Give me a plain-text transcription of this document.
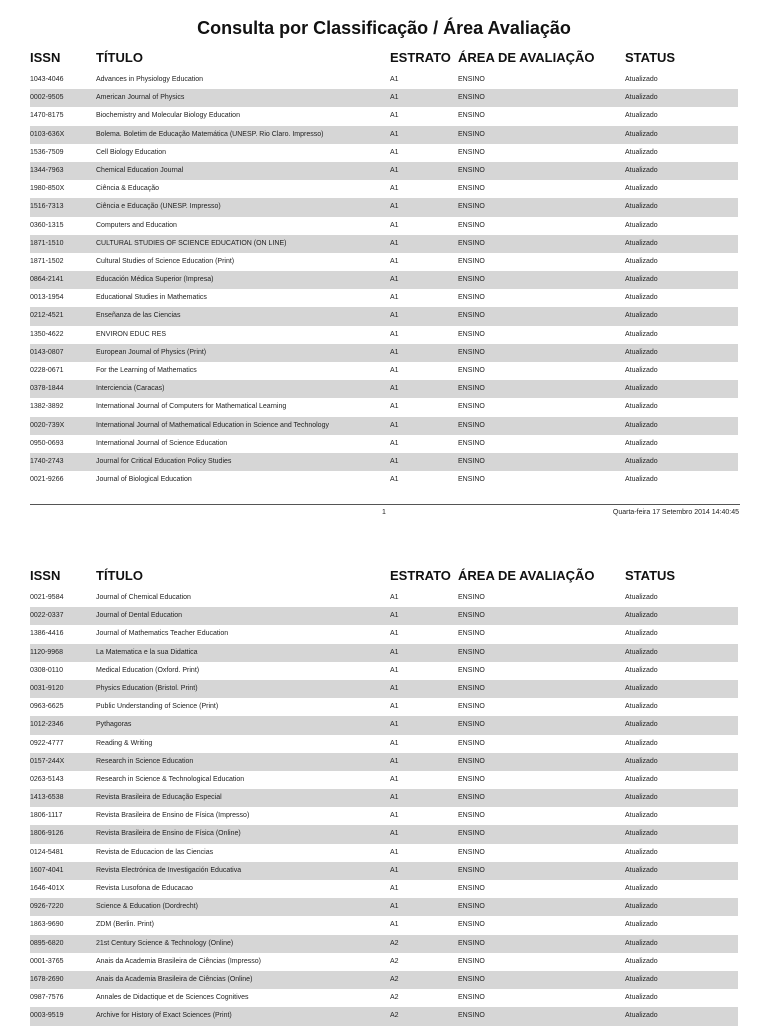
Consulta por Classificação / Área Avaliação
ISSN	TÍTULO	ESTRATO ÁREA DE AVALIAÇÃO STATUS
1043-4046	Advances in Physiology Education	A1	ENSINO	Atualizado
0002-9505	American Journal of Physics	A1	ENSINO	Atualizado
1470-8175	Biochemistry and Molecular Biology Education	A1	ENSINO	Atualizado
0103-636X	Bolema. Boletim de Educação Matemática (UNESP. Rio Claro. Impresso)	A1	ENSINO	Atualizado
1536-7509	Cell Biology Education	A1	ENSINO	Atualizado
1344-7963	Chemical Education Journal	A1	ENSINO	Atualizado
1980-850X	Ciência & Educação	A1	ENSINO	Atualizado
1516-7313	Ciência e Educação (UNESP. Impresso)	A1	ENSINO	Atualizado
0360-1315	Computers and Education	A1	ENSINO	Atualizado
1871-1510	CULTURAL STUDIES OF SCIENCE EDUCATION (ON LINE)	A1	ENSINO	Atualizado
1871-1502	Cultural Studies of Science Education (Print)	A1	ENSINO	Atualizado
0864-2141	Educación Médica Superior (Impresa)	A1	ENSINO	Atualizado
0013-1954	Educational Studies in Mathematics	A1	ENSINO	Atualizado
0212-4521	Enseñanza de las Ciencias	A1	ENSINO	Atualizado
1350-4622	ENVIRON EDUC RES	A1	ENSINO	Atualizado
0143-0807	European Journal of Physics (Print)	A1	ENSINO	Atualizado
0228-0671	For the Learning of Mathematics	A1	ENSINO	Atualizado
0378-1844	Interciencia (Caracas)	A1	ENSINO	Atualizado
1382-3892	International Journal of Computers for Mathematical Learning	A1	ENSINO	Atualizado
0020-739X	International Journal of Mathematical Education in Science and Technology	A1	ENSINO	Atualizado
0950-0693	International Journal of Science Education	A1	ENSINO	Atualizado
1740-2743	Journal for Critical Education Policy Studies	A1	ENSINO	Atualizado
0021-9266	Journal of Biological Education	A1	ENSINO	Atualizado
1	Quarta-feira 17 Setembro 2014 14:40:45
ISSN	TÍTULO	ESTRATO ÁREA DE AVALIAÇÃO STATUS
0021-9584	Journal of Chemical Education	A1	ENSINO	Atualizado
0022-0337	Journal of Dental Education	A1	ENSINO	Atualizado
1386-4416	Journal of Mathematics Teacher Education	A1	ENSINO	Atualizado
1120-9968	La Matematica e la sua Didattica	A1	ENSINO	Atualizado
0308-0110	Medical Education (Oxford. Print)	A1	ENSINO	Atualizado
0031-9120	Physics Education (Bristol. Print)	A1	ENSINO	Atualizado
0963-6625	Public Understanding of Science (Print)	A1	ENSINO	Atualizado
1012-2346	Pythagoras	A1	ENSINO	Atualizado
0922-4777	Reading & Writing	A1	ENSINO	Atualizado
0157-244X	Research in Science Education	A1	ENSINO	Atualizado
0263-5143	Research in Science & Technological Education	A1	ENSINO	Atualizado
1413-6538	Revista Brasileira de Educação Especial	A1	ENSINO	Atualizado
1806-1117	Revista Brasileira de Ensino de Física (Impresso)	A1	ENSINO	Atualizado
1806-9126	Revista Brasileira de Ensino de Física (Online)	A1	ENSINO	Atualizado
0124-5481	Revista de Educacion de las Ciencias	A1	ENSINO	Atualizado
1607-4041	Revista Electrónica de Investigación Educativa	A1	ENSINO	Atualizado
1646-401X	Revista Lusofona de Educacao	A1	ENSINO	Atualizado
0926-7220	Science & Education (Dordrecht)	A1	ENSINO	Atualizado
1863-9690	ZDM (Berlin. Print)	A1	ENSINO	Atualizado
0895-6820	21st Century Science & Technology (Online)	A2	ENSINO	Atualizado
0001-3765	Anais da Academia Brasileira de Ciências (Impresso)	A2	ENSINO	Atualizado
1678-2690	Anais da Academia Brasileira de Ciências (Online)	A2	ENSINO	Atualizado
0987-7576	Annales de Didactique et de Sciences Cognitives	A2	ENSINO	Atualizado
0003-9519	Archive for History of Exact Sciences (Print)	A2	ENSINO	Atualizado
